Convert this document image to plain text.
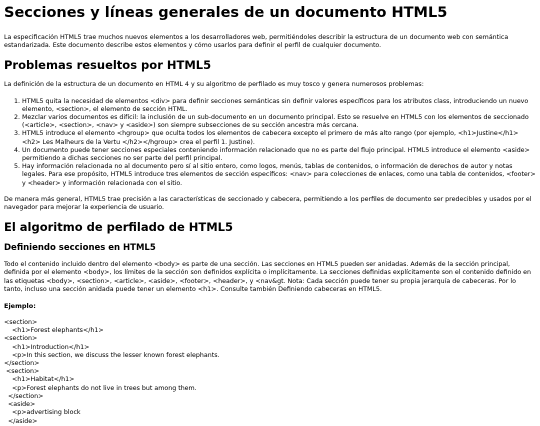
Secciones y líneas generales de un documento HTML5

La especificación HTML5 trae muchos nuevos elementos a los desarrolladores web, permitiéndoles describir la estructura de un documento web con semántica estandarizada. Este documento describe estos elementos y cómo usarlos para definir el perfil de cualquier documento.

Problemas resueltos por HTML5

La definición de la estructura de un documento en HTML 4 y su algoritmo de perfilado es muy tosco y genera numerosos problemas:

1. HTML5 quita la necesidad de elementos <div> para definir secciones semánticas sin definir valores específicos para los atributos class, introduciendo un nuevo elemento, <section>, el elemento de sección HTML.
2. Mezclar varios documentos es difícil: la inclusión de un sub-documento en un documento principal. Esto se resuelve en HTML5 con los elementos de seccionado (<article>, <section>, <nav> y <aside>) son siempre subsecciones de su sección ancestra más cercana.
3. HTML5 introduce el elemento <hgroup> que oculta todos los elementos de cabecera excepto el primero de más alto rango (por ejemplo, <h1>Justine</h1><h2> Les Malheurs de la Vertu </h2></hgroup> crea el perfil 1. Justine).
4. Un documento puede tener secciones especiales conteniendo información relacionado que no es parte del flujo principal. HTML5 introduce el elemento <aside> permitiendo a dichas secciones no ser parte del perfil principal.
5. Hay información relacionada no al documento pero sí al sitio entero, como logos, menús, tablas de contenidos, o información de derechos de autor y notas legales. Para ese propósito, HTML5 introduce tres elementos de sección específicos: <nav> para colecciones de enlaces, como una tabla de contenidos, <footer> y <header> y información relacionada con el sitio.

De manera más general, HTML5 trae precisión a las características de seccionado y cabecera, permitiendo a los perfiles de documento ser predecibles y usados por el navegador para mejorar la experiencia de usuario.

El algoritmo de perfilado de HTML5
Definiendo secciones en HTML5

Todo el contenido incluido dentro del elemento <body> es parte de una sección. Las secciones en HTML5 pueden ser anidadas. Además de la sección principal, definida por el elemento <body>, los límites de la sección son definidos explícita o implícitamente. La secciones definidas explícitamente son el contenido definido en las etiquetas <body>, <section>, <article>, <aside>, <footer>, <header>, y <nav&gt. Nota: Cada sección puede tener su propia jerarquía de cabeceras. Por lo tanto, incluso una sección anidada puede tener un elemento <h1>. Consulte también Definiendo cabeceras en HTML5.

Ejemplo:
<section>
<h1>Forest elephants</h1>
<section>
<h1>Introduction</h1>
<p>In this section, we discuss the lesser known forest elephants.
</section>
<section>
<h1>Habitat</h1>
<p>Forest elephants do not live in trees but among them.
</section>
<aside>
<p>advertising block
</aside>
